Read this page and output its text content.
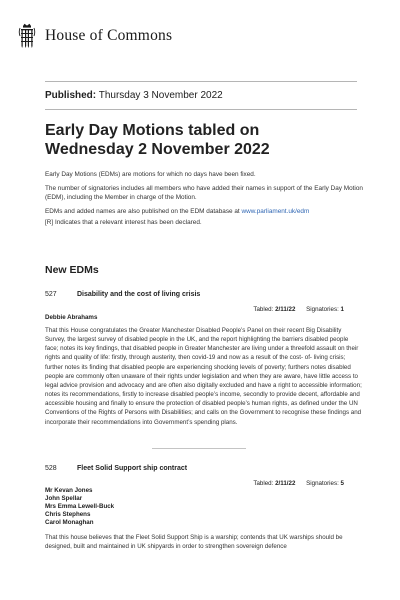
House of Commons
Published: Thursday 3 November 2022
Early Day Motions tabled on
Wednesday 2 November 2022

Early Day Motions (EDMs) are motions for which no days have been fixed.

The number of signatories includes all members who have added their names in support of the Early Day Motion (EDM), including the Member in charge of the Motion.

EDMs and added names are also published on the EDM database at www.parliament.uk/edm

[R] Indicates that a relevant interest has been declared.

New EDMs
527	Disability and the cost of living crisis
Tabled: 2/11/22 Signatories: 1
Debbie Abrahams

That this House congratulates the Greater Manchester Disabled People’s Panel on their recent Big Disability Survey, the largest survey of disabled people in the UK, and the report highlighting the barriers disabled people face; notes its key findings, that disabled people in Greater Manchester are living under a threefold assault on their rights and quality of life: firstly, through austerity, then covid-19 and now as a result of the cost- of- living crisis; further notes its finding that disabled people are experiencing shocking levels of poverty; furthers notes disabled people are commonly often unaware of their rights under legislation and when they are aware, have little access to legal advice provision and advocacy and are often also digitally excluded and have a right to accessible information; notes its recommendations, firstly to increase disabled people’s income, secondly to provide decent, affordable and accessible housing and finally to ensure the protection of disabled people’s human rights, as defined under the UN Conventions of the Rights of Persons with Disabilities; and calls on the Government to recognise these findings and incorporate their recommendations into Government’s spending plans.

528	Fleet Solid Support ship contract
Tabled: 2/11/22 Signatories: 5
Mr Kevan Jones
John Spellar
Mrs Emma Lewell-Buck
Chris Stephens
Carol Monaghan

That this house believes that the Fleet Solid Support Ship is a warship; contends that UK warships should be designed, built and maintained in UK shipyards in order to strengthen sovereign defence
